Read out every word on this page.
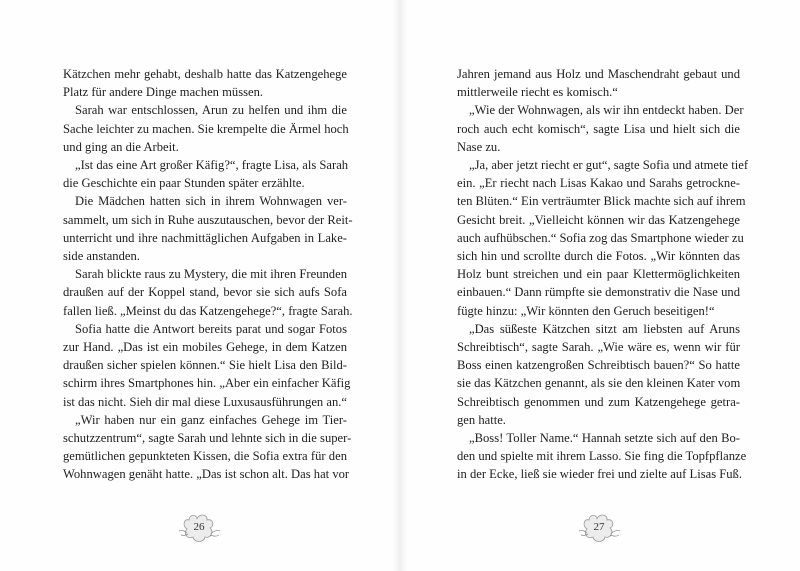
Kätzchen mehr gehabt, deshalb hatte das Katzengehege
Platz für andere Dinge machen müssen.
Sarah war entschlossen, Arun zu helfen und ihm die
Sache leichter zu machen. Sie krempelte die Ärmel hoch
und ging an die Arbeit.
„Ist das eine Art großer Käfig?“, fragte Lisa, als Sarah
die Geschichte ein paar Stunden später erzählte.
Die Mädchen hatten sich in ihrem Wohnwagen ver-
sammelt, um sich in Ruhe auszutauschen, bevor der Reit-
unterricht und ihre nachmittäglichen Aufgaben in Lake-
side anstanden.
Sarah blickte raus zu Mystery, die mit ihren Freunden
draußen auf der Koppel stand, bevor sie sich aufs Sofa
fallen ließ. „Meinst du das Katzengehege?“, fragte Sarah.
Sofia hatte die Antwort bereits parat und sogar Fotos
zur Hand. „Das ist ein mobiles Gehege, in dem Katzen
draußen sicher spielen können.“ Sie hielt Lisa den Bild-
schirm ihres Smartphones hin. „Aber ein einfacher Käfig
ist das nicht. Sieh dir mal diese Luxusausführungen an.“
„Wir haben nur ein ganz einfaches Gehege im Tier-
schutzzentrum“, sagte Sarah und lehnte sich in die super-
gemütlichen gepunkteten Kissen, die Sofia extra für den
Wohnwagen genäht hatte. „Das ist schon alt. Das hat vor
26
Jahren jemand aus Holz und Maschendraht gebaut und
mittlerweile riecht es komisch.“
„Wie der Wohnwagen, als wir ihn entdeckt haben. Der
roch auch echt komisch“, sagte Lisa und hielt sich die
Nase zu.
„Ja, aber jetzt riecht er gut“, sagte Sofia und atmete tief
ein. „Er riecht nach Lisas Kakao und Sarahs getrockne-
ten Blüten.“ Ein verträumter Blick machte sich auf ihrem
Gesicht breit. „Vielleicht können wir das Katzengehege
auch aufhübschen.“ Sofia zog das Smartphone wieder zu
sich hin und scrollte durch die Fotos. „Wir könnten das
Holz bunt streichen und ein paar Klettermöglichkeiten
einbauen.“ Dann rümpfte sie demonstrativ die Nase und
fügte hinzu: „Wir könnten den Geruch beseitigen!“
„Das süßeste Kätzchen sitzt am liebsten auf Aruns
Schreibtisch“, sagte Sarah. „Wie wäre es, wenn wir für
Boss einen katzengroßen Schreibtisch bauen?“ So hatte
sie das Kätzchen genannt, als sie den kleinen Kater vom
Schreibtisch genommen und zum Katzengehege getra-
gen hatte.
„Boss! Toller Name.“ Hannah setzte sich auf den Bo-
den und spielte mit ihrem Lasso. Sie fing die Topfpflanze
in der Ecke, ließ sie wieder frei und zielte auf Lisas Fuß.
27
